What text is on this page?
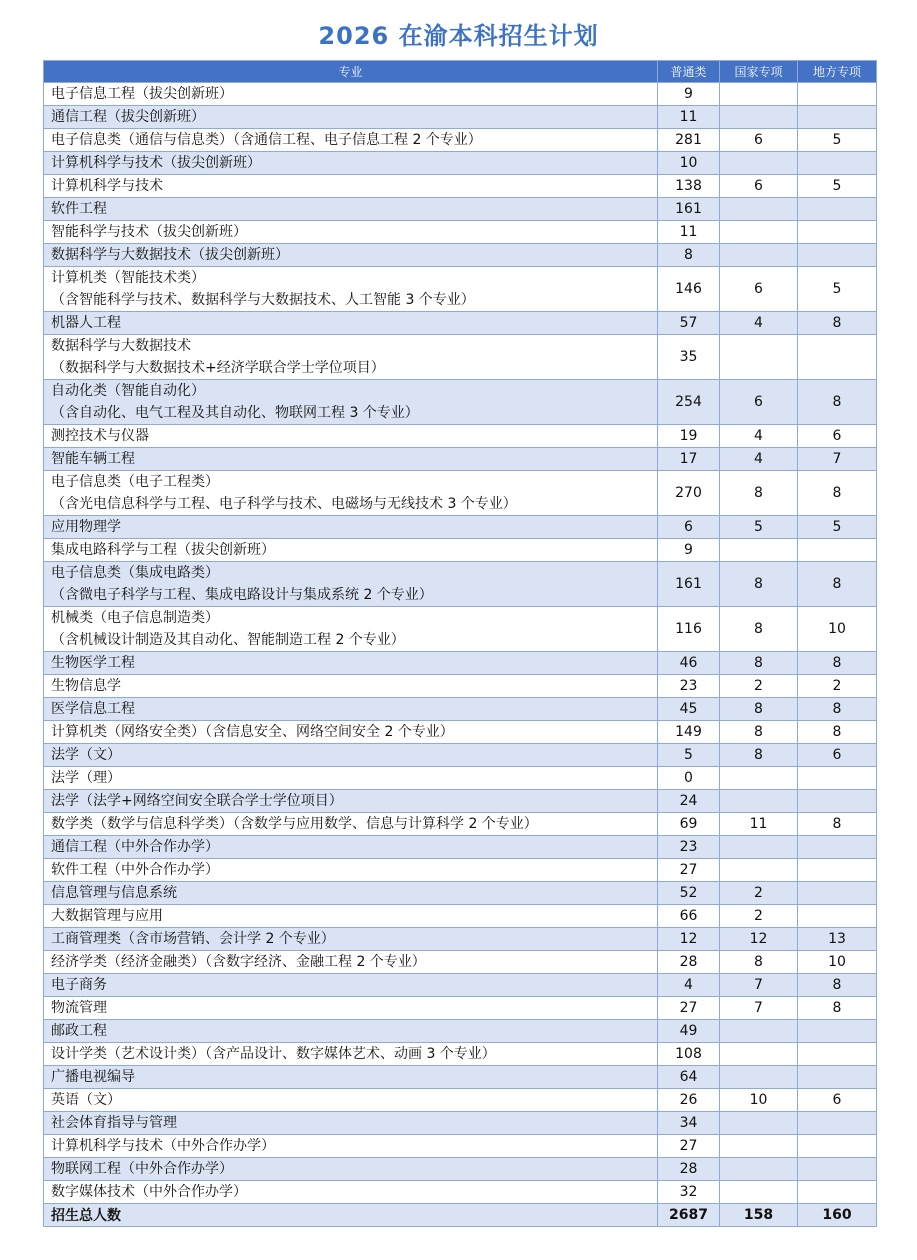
2026 在渝本科招生计划
专业	普通类	国家专项	地方专项

电子信息工程（拔尖创新班）	9		

通信工程（拔尖创新班）	11		

电子信息类（通信与信息类）（含通信工程、电子信息工程 2 个专业）	281	6	5

计算机科学与技术（拔尖创新班）	10		

计算机科学与技术	138	6	5

软件工程	161		

智能科学与技术（拔尖创新班）	11		

数据科学与大数据技术（拔尖创新班）	8		

计算机类（智能技术类）
（含智能科学与技术、数据科学与大数据技术、人工智能 3 个专业）	146	6	5

机器人工程	57	4	8

数据科学与大数据技术
（数据科学与大数据技术+经济学联合学士学位项目）	35		

自动化类（智能自动化）
（含自动化、电气工程及其自动化、物联网工程 3 个专业）	254	6	8

测控技术与仪器	19	4	6

智能车辆工程	17	4	7

电子信息类（电子工程类）
（含光电信息科学与工程、电子科学与技术、电磁场与无线技术 3 个专业）	270	8	8

应用物理学	6	5	5

集成电路科学与工程（拔尖创新班）	9		

电子信息类（集成电路类）
（含微电子科学与工程、集成电路设计与集成系统 2 个专业）	161	8	8

机械类（电子信息制造类）
（含机械设计制造及其自动化、智能制造工程 2 个专业）	116	8	10

生物医学工程	46	8	8

生物信息学	23	2	2

医学信息工程	45	8	8

计算机类（网络安全类）（含信息安全、网络空间安全 2 个专业）	149	8	8

法学（文）	5	8	6

法学（理）	0		

法学（法学+网络空间安全联合学士学位项目）	24		

数学类（数学与信息科学类）（含数学与应用数学、信息与计算科学 2 个专业）	69	11	8

通信工程（中外合作办学）	23		

软件工程（中外合作办学）	27		

信息管理与信息系统	52	2	

大数据管理与应用	66	2	

工商管理类（含市场营销、会计学 2 个专业）	12	12	13

经济学类（经济金融类）（含数字经济、金融工程 2 个专业）	28	8	10

电子商务	4	7	8

物流管理	27	7	8

邮政工程	49		

设计学类（艺术设计类）（含产品设计、数字媒体艺术、动画 3 个专业）	108		

广播电视编导	64		

英语（文）	26	10	6

社会体育指导与管理	34		

计算机科学与技术（中外合作办学）	27		

物联网工程（中外合作办学）	28		

数字媒体技术（中外合作办学）	32		
招生总人数	2687	158	160
